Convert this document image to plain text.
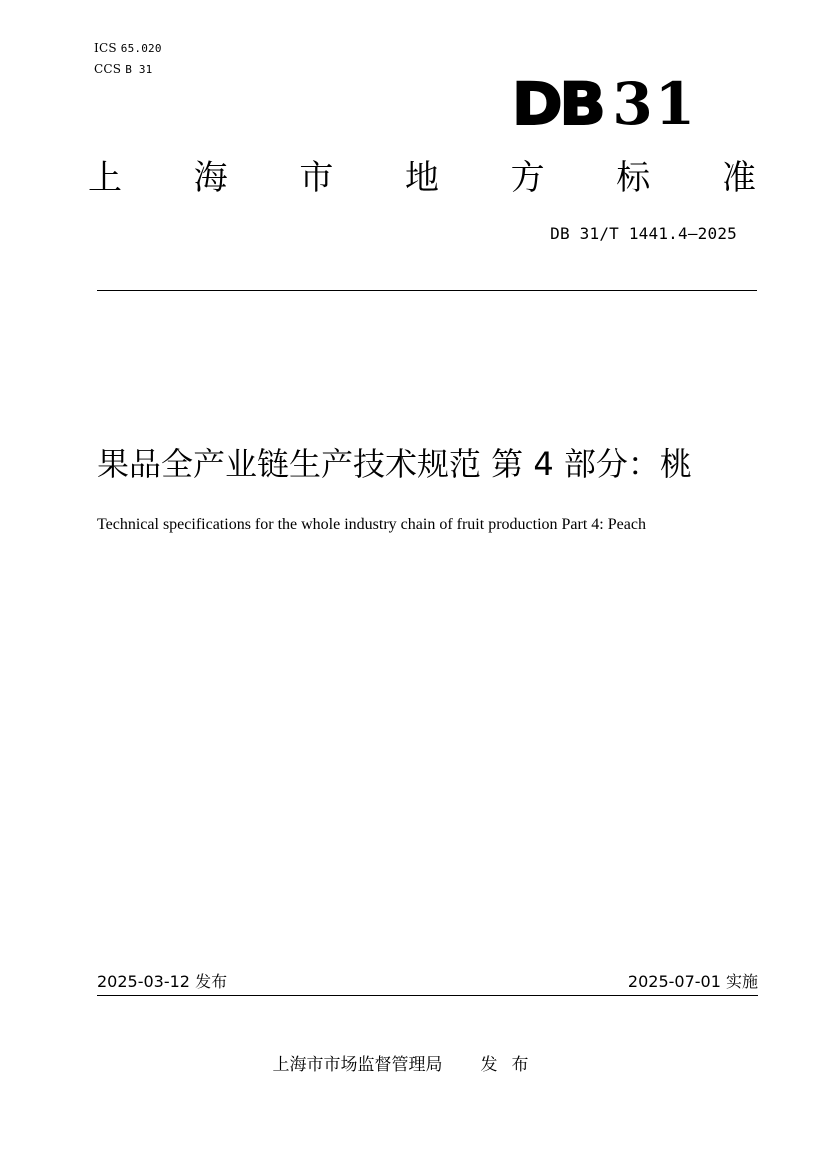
ICS 65.020
CCS B 31
DB 31
上 海 市 地 方 标 准
DB 31/T 1441.4—2025
果品全产业链生产技术规范 第 4 部分：桃
Technical specifications for the whole industry chain of fruit production Part 4: Peach
2025-03-12 发布	2025-07-01 实施
上海市市场监督管理局 发布
